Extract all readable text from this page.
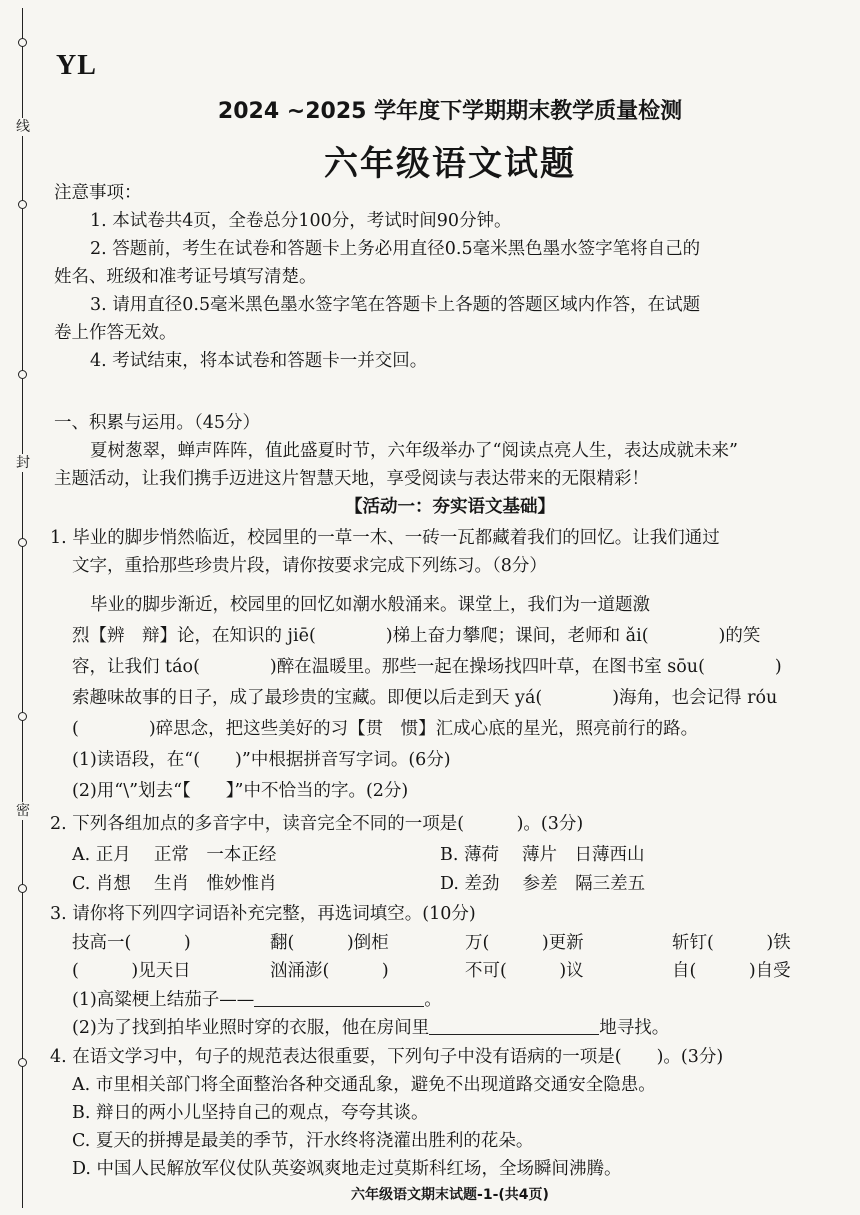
线
封
密
YL
2024 ~2025 学年度下学期期末教学质量检测
六年级语文试题
注意事项：
1. 本试卷共4页，全卷总分100分，考试时间90分钟。
2. 答题前，考生在试卷和答题卡上务必用直径0.5毫米黑色墨水签字笔将自己的
姓名、班级和准考证号填写清楚。
3. 请用直径0.5毫米黑色墨水签字笔在答题卡上各题的答题区域内作答，在试题
卷上作答无效。
4. 考试结束，将本试卷和答题卡一并交回。
一、积累与运用。（45分）
夏树葱翠，蝉声阵阵，值此盛夏时节，六年级举办了“阅读点亮人生，表达成就未来”
主题活动，让我们携手迈进这片智慧天地，享受阅读与表达带来的无限精彩！
【活动一：夯实语文基础】
1. 毕业的脚步悄然临近，校园里的一草一木、一砖一瓦都藏着我们的回忆。让我们通过
文字，重拾那些珍贵片段，请你按要求完成下列练习。（8分）
毕业的脚步渐近，校园里的回忆如潮水般涌来。课堂上，我们为一道题激
烈【辨　辩】论，在知识的 jiē(　　　　)梯上奋力攀爬；课间，老师和 ǎi(　　　　)的笑
容，让我们 táo(　　　　)醉在温暖里。那些一起在操场找四叶草，在图书室 sōu(　　　　)
索趣味故事的日子，成了最珍贵的宝藏。即便以后走到天 yá(　　　　)海角，也会记得 róu
(　　　　)碎思念，把这些美好的习【贯　惯】汇成心底的星光，照亮前行的路。
(1)读语段，在“(　　)”中根据拼音写字词。(6分)
(2)用“\”划去“【　　】”中不恰当的字。(2分)
2. 下列各组加点的多音字中，读音完全不同的一项是(　　　)。(3分)
A. 正月　 正常　一本正经	B. 薄荷　 薄片　日薄西山
C. 肖想　 生肖　惟妙惟肖	D. 差劲　 参差　隔三差五
3. 请你将下列四字词语补充完整，再选词填空。(10分)
技高一(　　　)	翻(　　　)倒柜	万(　　　)更新	斩钉(　　　)铁
(　　　)见天日	汹涌澎(　　　)	不可(　　　)议	自(　　　)自受
(1)高粱梗上结茄子——	。
(2)为了找到拍毕业照时穿的衣服，他在房间里	地寻找。
4. 在语文学习中，句子的规范表达很重要，下列句子中没有语病的一项是(　　)。(3分)
A. 市里相关部门将全面整治各种交通乱象，避免不出现道路交通安全隐患。
B. 辩日的两小儿坚持自己的观点，夸夸其谈。
C. 夏天的拼搏是最美的季节，汗水终将浇灌出胜利的花朵。
D. 中国人民解放军仪仗队英姿飒爽地走过莫斯科红场，全场瞬间沸腾。
六年级语文期末试题-1-(共4页)
